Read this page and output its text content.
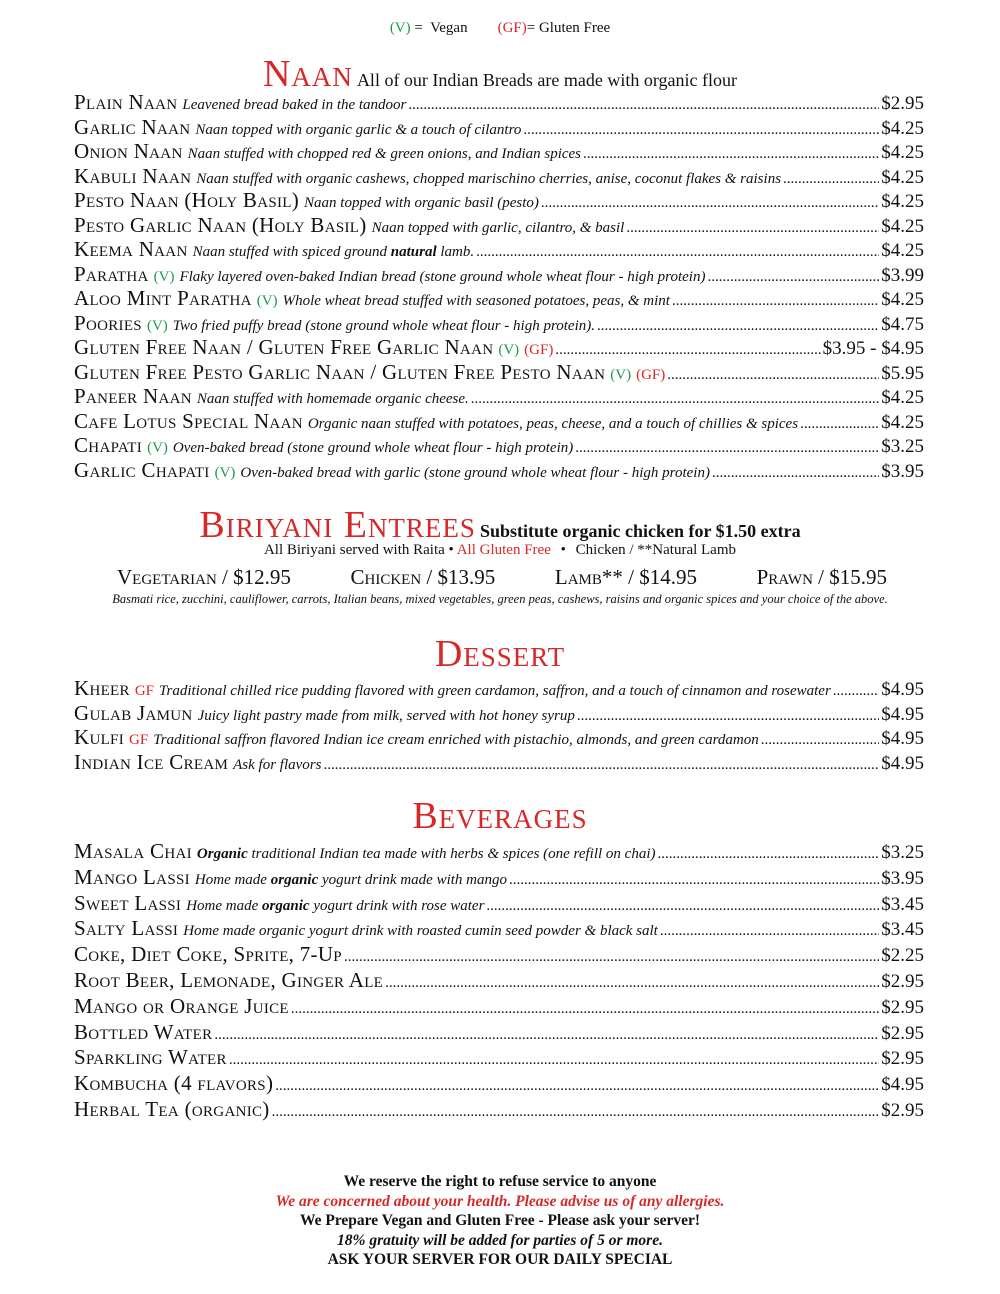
(V) =  Vegan (GF)= Gluten Free
Naan All of our Indian Breads are made with organic flour
Plain Naan Leavened bread baked in the tandoor .....	$2.95
Garlic Naan Naan topped with organic garlic & a touch of cilantro .....	$4.25
Onion Naan Naan stuffed with chopped red & green onions, and Indian spices .....	$4.25
Kabuli Naan Naan stuffed with organic cashews, chopped marischino cherries, anise, coconut flakes & raisins .....	$4.25
Pesto Naan (Holy Basil) Naan topped with organic basil (pesto) .....	$4.25
Pesto Garlic Naan (Holy Basil) Naan topped with garlic, cilantro, & basil .....	$4.25
Keema Naan Naan stuffed with spiced ground natural lamb. .....	$4.25
Paratha (V) Flaky layered oven-baked Indian bread (stone ground whole wheat flour - high protein) .....	$3.99
Aloo Mint Paratha (V) Whole wheat bread stuffed with seasoned potatoes, peas, & mint .....	$4.25
Poories (V) Two fried puffy bread (stone ground whole wheat flour - high protein). .....	$4.75
Gluten Free Naan / Gluten Free Garlic Naan (V) (GF) .....	$3.95 - $4.95
Gluten Free Pesto Garlic Naan / Gluten Free Pesto Naan (V) (GF) .....	$5.95
Paneer Naan Naan stuffed with homemade organic cheese. .....	$4.25
Cafe Lotus Special Naan Organic naan stuffed with potatoes, peas, cheese, and a touch of chillies & spices .....	$4.25
Chapati (V) Oven-baked bread (stone ground whole wheat flour - high protein) .....	$3.25
Garlic Chapati (V) Oven-baked bread with garlic (stone ground whole wheat flour - high protein) .....	$3.95
Biriyani Entrees Substitute organic chicken for $1.50 extra
All Biriyani served with Raita • All Gluten Free • Chicken / **Natural Lamb
Vegetarian / $12.95	Chicken / $13.95	Lamb** / $14.95	Prawn / $15.95
Basmati rice, zucchini, cauliflower, carrots, Italian beans, mixed vegetables, green peas, cashews, raisins and organic spices and your choice of the above.
Dessert
Kheer GF Traditional chilled rice pudding flavored with green cardamon, saffron, and a touch of cinnamon and rosewater .....	$4.95
Gulab Jamun Juicy light pastry made from milk, served with hot honey syrup .....	$4.95
Kulfi GF Traditional saffron flavored Indian ice cream enriched with pistachio, almonds, and green cardamon .....	$4.95
Indian Ice Cream Ask for flavors .....	$4.95
Beverages
Masala Chai Organic traditional Indian tea made with herbs & spices (one refill on chai) .....	$3.25
Mango Lassi Home made organic yogurt drink made with mango .....	$3.95
Sweet Lassi Home made organic yogurt drink with rose water .....	$3.45
Salty Lassi Home made organic yogurt drink with roasted cumin seed powder & black salt .....	$3.45
Coke, Diet Coke, Sprite, 7-Up .....	$2.25
Root Beer, Lemonade, Ginger Ale .....	$2.95
Mango or Orange Juice .....	$2.95
Bottled Water .....	$2.95
Sparkling Water .....	$2.95
Kombucha (4 flavors) .....	$4.95
Herbal Tea (organic) .....	$2.95
We reserve the right to refuse service to anyone
We are concerned about your health. Please advise us of any allergies.
We Prepare Vegan and Gluten Free - Please ask your server!
18% gratuity will be added for parties of 5 or more.
ASK YOUR SERVER FOR OUR DAILY SPECIAL
